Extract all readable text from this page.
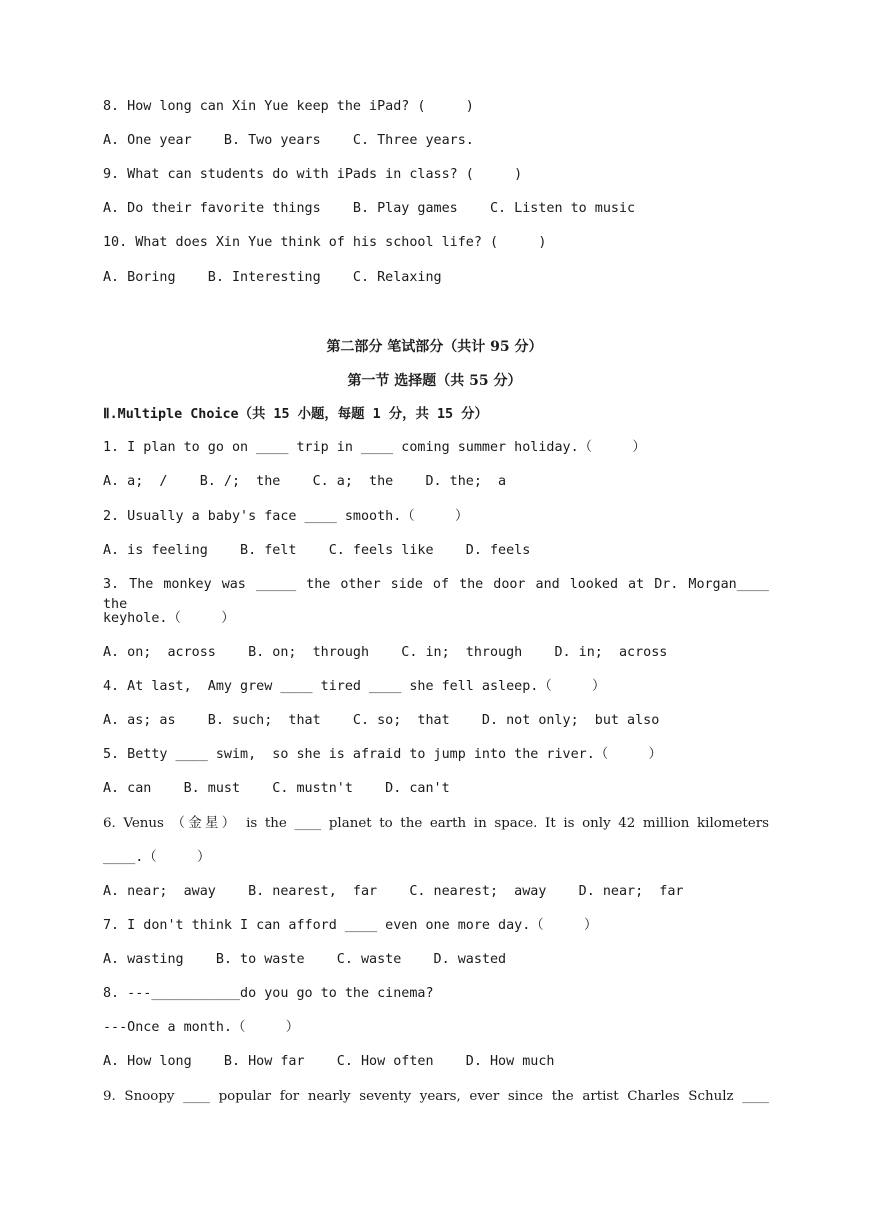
8. How long can Xin Yue keep the iPad? (     )
A. One year    B. Two years    C. Three years.
9. What can students do with iPads in class? (     )
A. Do their favorite things    B. Play games    C. Listen to music
10. What does Xin Yue think of his school life? (     )
A. Boring    B. Interesting    C. Relaxing
第二部分 笔试部分（共计 95 分）
第一节 选择题（共 55 分）
Ⅱ.Multiple Choice（共 15 小题，每题 1 分，共 15 分）
1. I plan to go on ____ trip in ____ coming summer holiday.（     ）
A. a;  /    B. /;  the    C. a;  the    D. the;  a
2. Usually a baby's face ____ smooth.（     ）
A. is feeling    B. felt    C. feels like    D. feels
3. The monkey was _____ the other side of the door and looked at Dr. Morgan____ the
keyhole.（     ）
A. on;  across    B. on;  through    C. in;  through    D. in;  across
4. At last,  Amy grew ____ tired ____ she fell asleep.（     ）
A. as; as    B. such;  that    C. so;  that    D. not only;  but also
5. Betty ____ swim,  so she is afraid to jump into the river.（     ）
A. can    B. must    C. mustn't    D. can't
6. Venus （金星） is the ____ planet to the earth in space. It is only 42 million kilometers
____.（     ）
A. near;  away    B. nearest,  far    C. nearest;  away    D. near;  far
7. I don't think I can afford ____ even one more day.（     ）
A. wasting    B. to waste    C. waste    D. wasted
8. ---___________do you go to the cinema?
---Once a month.（     ）
A. How long    B. How far    C. How often    D. How much
9. Snoopy ____ popular for nearly seventy years, ever since the artist Charles Schulz ____
